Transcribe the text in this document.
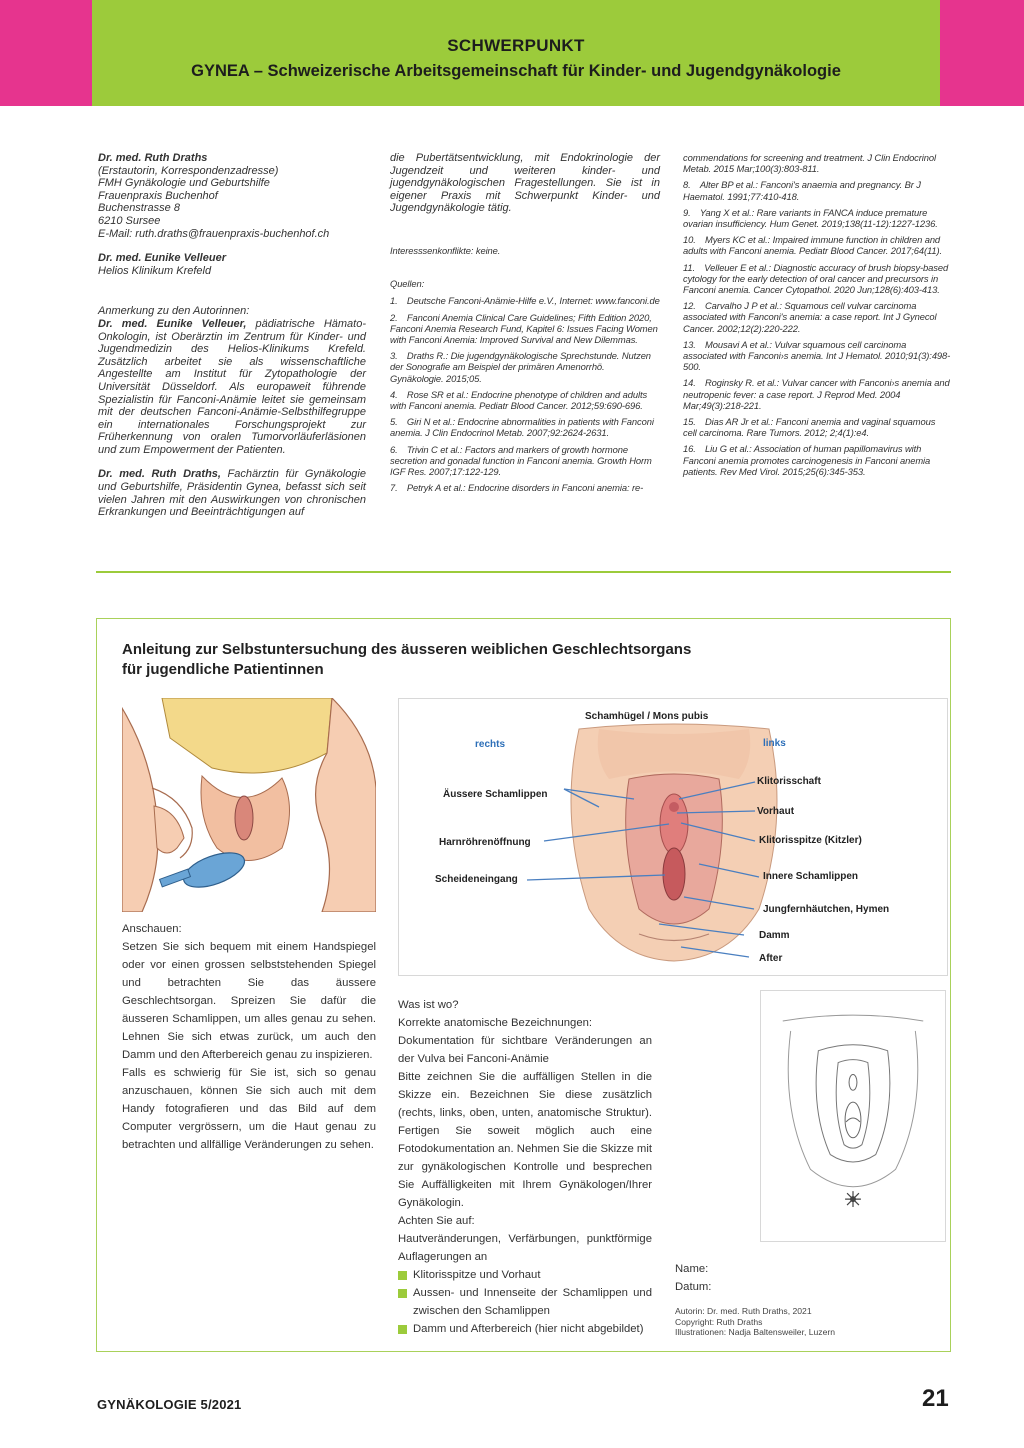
SCHWERPUNKT
GYNEA – Schweizerische Arbeitsgemeinschaft für Kinder- und Jugendgynäkologie

Dr. med. Ruth Draths
(Erstautorin, Korrespondenzadresse)
FMH Gynäkologie und Geburtshilfe
Frauenpraxis Buchenhof
Buchenstrasse 8
6210 Sursee
E-Mail: ruth.draths@frauenpraxis-buchenhof.ch

Dr. med. Eunike Velleuer
Helios Klinikum Krefeld

Anmerkung zu den Autorinnen:
Dr. med. Eunike Velleuer, pädiatrische Hämato-Onkologin, ist Oberärztin im Zentrum für Kinder- und Jugendmedizin des Helios-Klinikums Krefeld. Zusätzlich arbeitet sie als wissenschaftliche Angestellte am Institut für Zytopathologie der Universität Düsseldorf. Als europaweit führende Spezialistin für Fanconi-Anämie leitet sie gemeinsam mit der deutschen Fanconi-Anämie-Selbsthilfegruppe ein internationales Forschungsprojekt zur Früherkennung von oralen Tumorvorläuferläsionen und zum Empowerment der Patienten.

Dr. med. Ruth Draths, Fachärztin für Gynäkologie und Geburtshilfe, Präsidentin Gynea, befasst sich seit vielen Jahren mit den Auswirkungen von chronischen Erkrankungen und Beeinträchtigungen auf

die Pubertätsentwicklung, mit Endokrinologie der Jugendzeit und weiteren kinder- und jugendgynäkologischen Fragestellungen. Sie ist in eigener Praxis mit Schwerpunkt Kinder- und Jugendgynäkologie tätig.

Interesssenkonflikte: keine.

Quellen:

1. Deutsche Fanconi-Anämie-Hilfe e.V., Internet: www.fanconi.de
2. Fanconi Anemia Clinical Care Guidelines; Fifth Edition 2020, Fanconi Anemia Research Fund, Kapitel 6: Issues Facing Women with Fanconi Anemia: Improved Survival and New Dilemmas.
3. Draths R.: Die jugendgynäkologische Sprechstunde. Nutzen der Sonografie am Beispiel der primären Amenorrhö. Gynäkologie. 2015;05.
4. Rose SR et al.: Endocrine phenotype of children and adults with Fanconi anemia. Pediatr Blood Cancer. 2012;59:690-696.
5. Giri N et al.: Endocrine abnormalities in patients with Fanconi anemia. J Clin Endocrinol Metab. 2007;92:2624-2631.
6. Trivin C et al.: Factors and markers of growth hormone secretion and gonadal function in Fanconi anemia. Growth Horm IGF Res. 2007;17:122-129.
7. Petryk A et al.: Endocrine disorders in Fanconi anemia: re-
commendations for screening and treatment. J Clin Endocrinol Metab. 2015 Mar;100(3):803-811.
8. Alter BP et al.: Fanconi's anaemia and pregnancy. Br J Haematol. 1991;77:410-418.
9. Yang X et al.: Rare variants in FANCA induce premature ovarian insufficiency. Hum Genet. 2019;138(11-12):1227-1236.
10. Myers KC et al.: Impaired immune function in children and adults with Fanconi anemia. Pediatr Blood Cancer. 2017;64(11).
11. Velleuer E et al.: Diagnostic accuracy of brush biopsy-based cytology for the early detection of oral cancer and precursors in Fanconi anemia. Cancer Cytopathol. 2020 Jun;128(6):403-413.
12. Carvalho J P et al.: Squamous cell vulvar carcinoma associated with Fanconi's anemia: a case report. Int J Gynecol Cancer. 2002;12(2):220-222.
13. Mousavi A et al.: Vulvar squamous cell carcinoma associated with Fanconi›s anemia. Int J Hematol. 2010;91(3):498-500.
14. Roginsky R. et al.: Vulvar cancer with Fanconi›s anemia and neutropenic fever: a case report. J Reprod Med. 2004 Mar;49(3):218-221.
15. Dias AR Jr et al.: Fanconi anemia and vaginal squamous cell carcinoma. Rare Tumors. 2012; 2;4(1):e4.
16. Liu G et al.: Association of human papillomavirus with Fanconi anemia promotes carcinogenesis in Fanconi anemia patients. Rev Med Virol. 2015;25(6):345-353.
Anleitung zur Selbstuntersuchung des äusseren weiblichen Geschlechtsorgans
für jugendliche Patientinnen
Schamhügel / Mons pubis
rechts	links
Äussere Schamlippen
Harnröhrenöffnung
Scheideneingang
Klitorisschaft
Vorhaut
Klitorisspitze (Kitzler)
Innere Schamlippen
Jungfernhäutchen, Hymen
Damm
After
Anschauen:
Setzen Sie sich bequem mit einem Handspiegel oder vor einen grossen selbststehenden Spiegel und betrachten Sie das äussere Geschlechtsorgan. Spreizen Sie dafür die äusseren Schamlippen, um alles genau zu sehen. Lehnen Sie sich etwas zurück, um auch den Damm und den Afterbereich genau zu inspizieren.
Falls es schwierig für Sie ist, sich so genau anzuschauen, können Sie sich auch mit dem Handy fotografieren und das Bild auf dem Computer vergrössern, um die Haut genau zu betrachten und allfällige Veränderungen zu sehen.
Was ist wo?
Korrekte anatomische Bezeichnungen:
Dokumentation für sichtbare Veränderungen an der Vulva bei Fanconi-Anämie
Bitte zeichnen Sie die auffälligen Stellen in die Skizze ein. Bezeichnen Sie diese zusätzlich (rechts, links, oben, unten, anatomische Struktur). Fertigen Sie soweit möglich auch eine Fotodokumentation an. Nehmen Sie die Skizze mit zur gynäkologischen Kontrolle und besprechen Sie Auffälligkeiten mit Ihrem Gynäkologen/Ihrer Gynäkologin.
Achten Sie auf:
Hautveränderungen, Verfärbungen, punktförmige Auflagerungen an
Klitorisspitze und Vorhaut
Aussen- und Innenseite der Schamlippen und zwischen den Schamlippen
Damm und Afterbereich (hier nicht abgebildet)
Name:
Datum:
Autorin: Dr. med. Ruth Draths, 2021
Copyright: Ruth Draths
Illustrationen: Nadja Baltensweiler, Luzern
GYNÄKOLOGIE 5/2021	21
